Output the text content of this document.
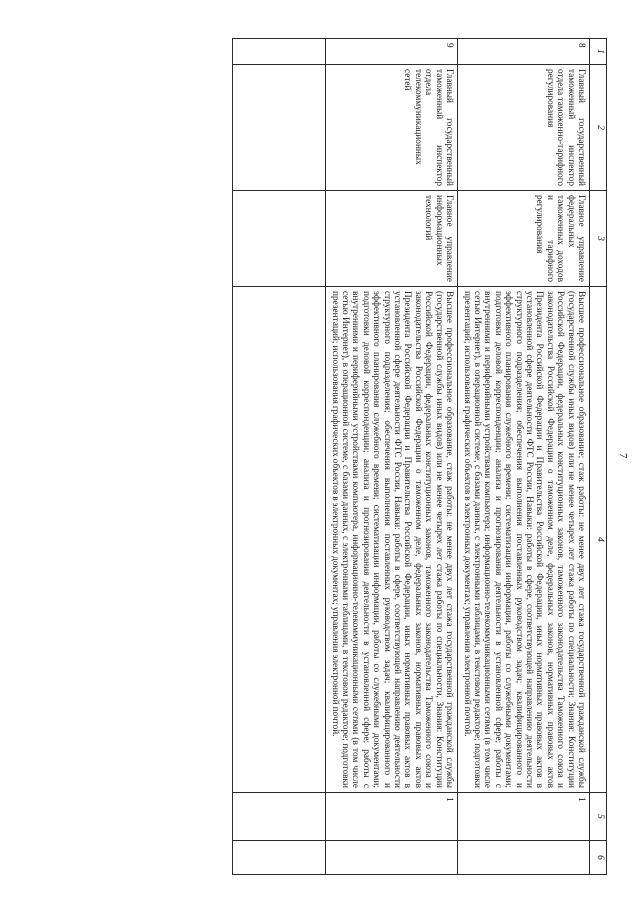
7
1	2	3	4	5	6
8	Главный государственный таможенный инспектор отдела таможенно-тарифного регулирования	Главное управление федеральных таможенных доходов и тарифного регулирования	Высшее профессиональное образование; стаж работы: не менее двух лет стажа государственной гражданской службы (государственной службы иных видов) или не менее четырех лет стажа работы по специальности; Знания: Конституции Российской Федерации, федеральных конституционных законов, таможенного законодательства Таможенного союза и законодательства Российской Федерации о таможенном деле, федеральных законов, нормативных правовых актов Президента Российской Федерации и Правительства Российской Федерации, иных нормативных правовых актов в установленной сфере деятельности ФТС России, Навыки: работы в сфере, соответствующей направлению деятельности структурного подразделения; обеспечения выполнения поставленных руководством задач; квалифицированного и эффективного планирования служебного времени; систематизации информации, работы со служебными документами; подготовки деловой корреспонденции; анализа и прогнозирования деятельности в установленной сфере; работы с внутренними и периферийными устройствами компьютера; информационно-телекоммуникационными сетями (в том числе сетью Интернет), в операционной системе, с базами данных, с электронными таблицами, в текстовом редакторе; подготовки презентаций; использования графических объектов в электронных документах; управления электронной почтой.	1	
9	Главный государственный таможенный инспектор отдела телекоммуникационных сетей	Главное управление информационных технологий	Высшее профессиональное образование, стаж работы: не менее двух лет стажа государственной гражданской службы (государственной службы иных видов) или не менее четырех лет стажа работы по специальности, Знания: Конституции Российской Федерации, федеральных конституционных законов, таможенного законодательства Таможенного союза и законодательства Российской Федерации о таможенном деле, федеральных законов, нормативных правовых актов Президента Российской Федерации и Правительства Российской Федерации, иных нормативных правовых актов в установленной сфере деятельности ФТС России, Навыки: работы в сфере, соответствующей направлению деятельности структурного подразделения; обеспечения выполнения поставленных руководством задач; квалифицированного и эффективного планирования служебного времени; систематизации информации, работы со служебными документами; подготовки деловой корреспонденции; анализа и прогнозирования деятельности в установленной сфере; работы с внутренними и периферийными устройствами компьютера, информационно-телекоммуникационными сетями (в том числе сетью Интернет), в операционной системе, с базами данных, с электронными таблицами, в текстовом редакторе; подготовки презентаций; использования графических объектов в электронных документах; управления электронной почтой.	1	
